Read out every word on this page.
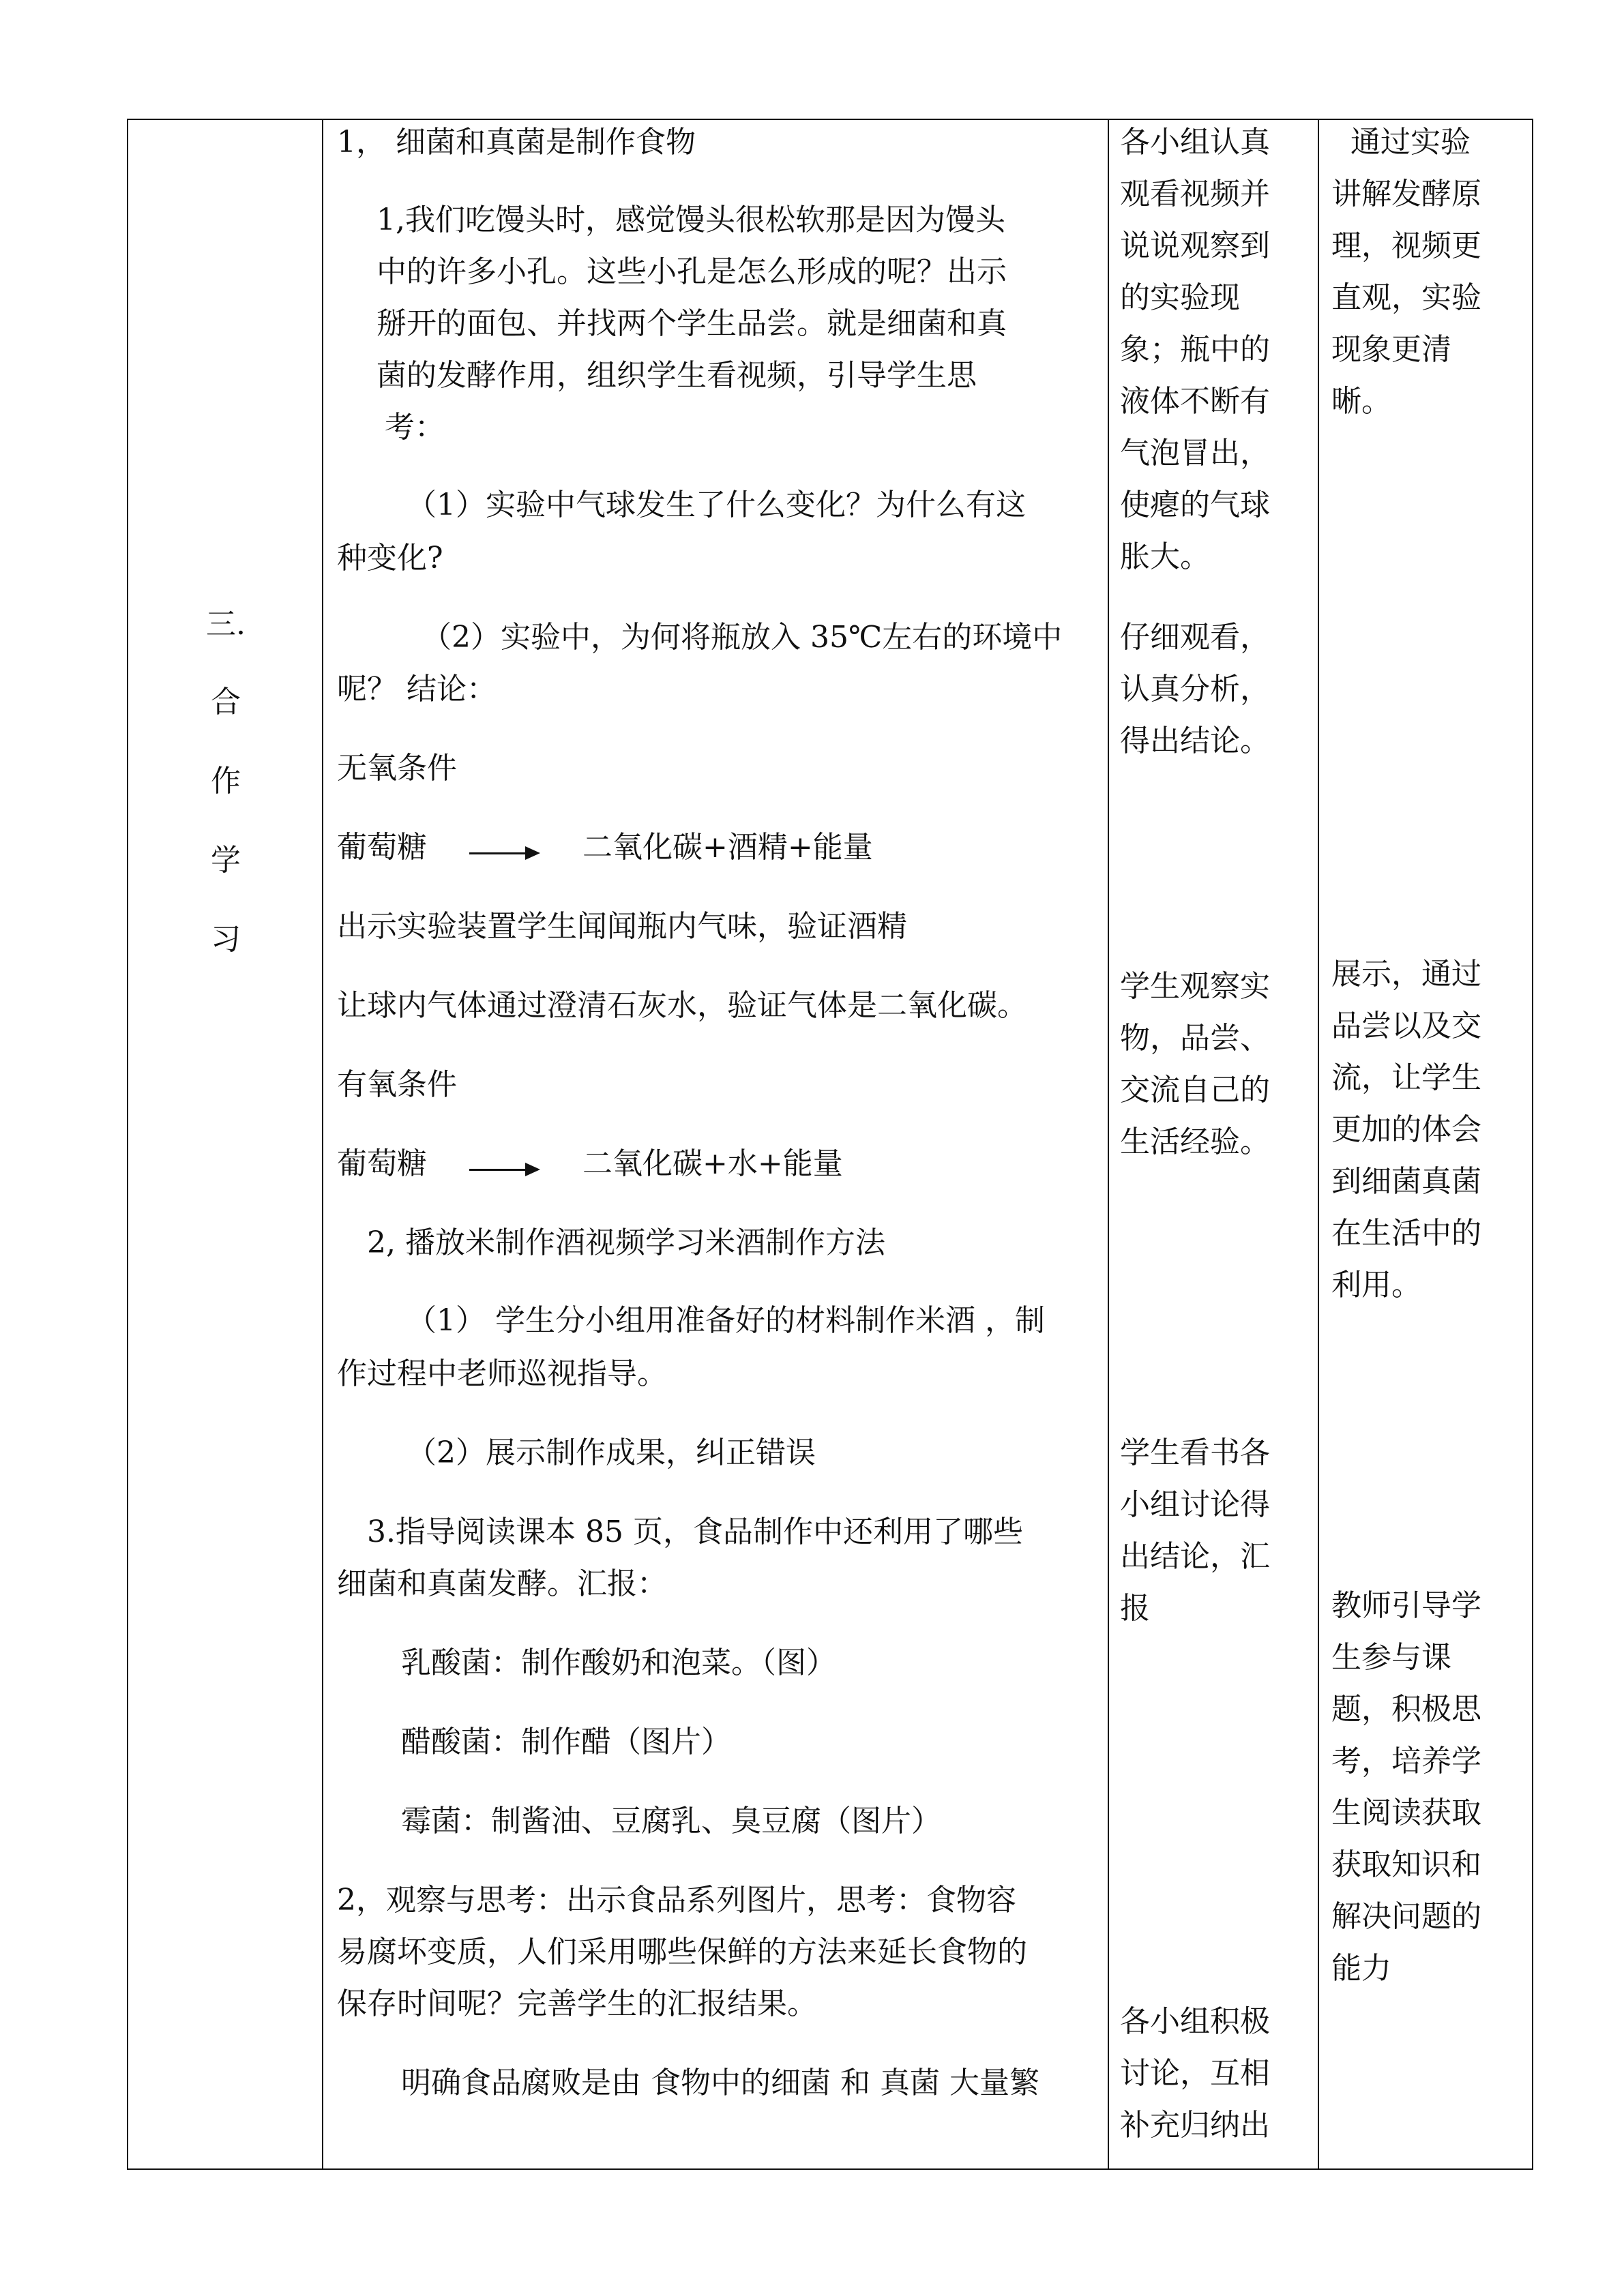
三.
合
作
学
习
1， 细菌和真菌是制作食物
1,我们吃馒头时，感觉馒头很松软那是因为馒头
中的许多小孔。这些小孔是怎么形成的呢？出示
掰开的面包、并找两个学生品尝。就是细菌和真
菌的发酵作用，组织学生看视频，引导学生思
考：
（1）实验中气球发生了什么变化？为什么有这
种变化?
（2）实验中，为何将瓶放入 35℃左右的环境中
呢？ 结论：
无氧条件
葡萄糖	二氧化碳+酒精+能量
出示实验装置学生闻闻瓶内气味，验证酒精
让球内气体通过澄清石灰水，验证气体是二氧化碳。
有氧条件
葡萄糖	二氧化碳+水+能量
2, 播放米制作酒视频学习米酒制作方法
（1） 学生分小组用准备好的材料制作米酒 ，制
作过程中老师巡视指导。
（2）展示制作成果，纠正错误
3.指导阅读课本 85 页，食品制作中还利用了哪些
细菌和真菌发酵。汇报：
乳酸菌：制作酸奶和泡菜。（图）
醋酸菌：制作醋（图片）
霉菌：制酱油、豆腐乳、臭豆腐（图片）
2，观察与思考：出示食品系列图片，思考：食物容
易腐坏变质，人们采用哪些保鲜的方法来延长食物的
保存时间呢？完善学生的汇报结果。
明确食品腐败是由 食物中的细菌 和 真菌 大量繁
各小组认真
观看视频并
说说观察到
的实验现
象；瓶中的
液体不断有
气泡冒出，
使瘪的气球
胀大。
仔细观看，
认真分析，
得出结论。
学生观察实
物，品尝、
交流自己的
生活经验。
学生看书各
小组讨论得
出结论，汇
报
各小组积极
讨论，互相
补充归纳出
通过实验
讲解发酵原
理，视频更
直观，实验
现象更清
晰。
展示，通过
品尝以及交
流，让学生
更加的体会
到细菌真菌
在生活中的
利用。
教师引导学
生参与课
题，积极思
考，培养学
生阅读获取
获取知识和
解决问题的
能力
